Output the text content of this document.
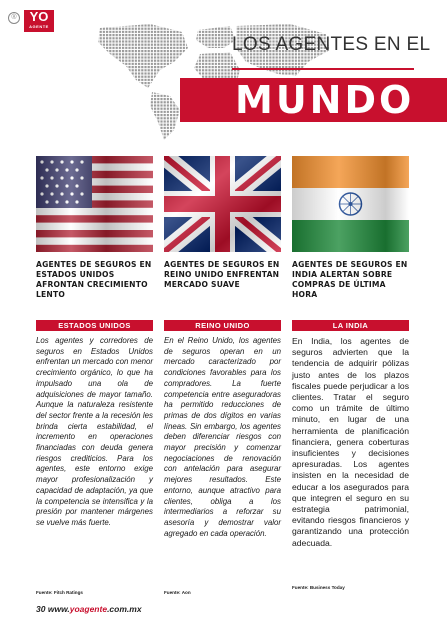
®	YO
AGENTE
LOS AGENTES EN EL
MUNDO
AGENTES DE SEGUROS EN ESTADOS UNIDOS AFRONTAN CRECIMIENTO LENTO
AGENTES DE SEGUROS EN REINO UNIDO ENFRENTAN MERCADO SUAVE
AGENTES DE SEGUROS EN INDIA ALERTAN SOBRE COMPRAS DE ÚLTIMA HORA
ESTADOS UNIDOS	REINO UNIDO	LA INDIA
Los agentes y corredores de seguros en Estados Unidos enfrentan un mercado con menor crecimiento orgánico, lo que ha impulsado una ola de adquisiciones de mayor tamaño. Aunque la naturaleza resistente del sector frente a la recesión les brinda cierta estabilidad, el incremento en operaciones financiadas con deuda genera riesgos crediticios. Para los agentes, este entorno exige mayor profesionalización y capacidad de adaptación, ya que la competencia se intensifica y la presión por mantener márgenes se vuelve más fuerte.
En el Reino Unido, los agentes de seguros operan en un mercado caracterizado por condiciones favorables para los compradores. La fuerte competencia entre aseguradoras ha permitido reducciones de primas de dos dígitos en varias líneas. Sin embargo, los agentes deben diferenciar riesgos con mayor precisión y comenzar negociaciones de renovación con antelación para asegurar mejores resultados. Este entorno, aunque atractivo para clientes, obliga a los intermediarios a reforzar su asesoría y demostrar valor agregado en cada operación.
En India, los agentes de seguros advierten que la tendencia de adquirir pólizas justo antes de los plazos fiscales puede perjudicar a los clientes. Tratar el seguro como un trámite de último minuto, en lugar de una herramienta de planificación financiera, genera coberturas insuficientes y decisiones apresuradas. Los agentes insisten en la necesidad de educar a los asegurados para que integren el seguro en su estrategia patrimonial, evitando riesgos financieros y garantizando una protección adecuada.
Fuente: Fitch Ratings	Fuente: Aon
Fuente: Business Today
30 www.yoagente.com.mx
